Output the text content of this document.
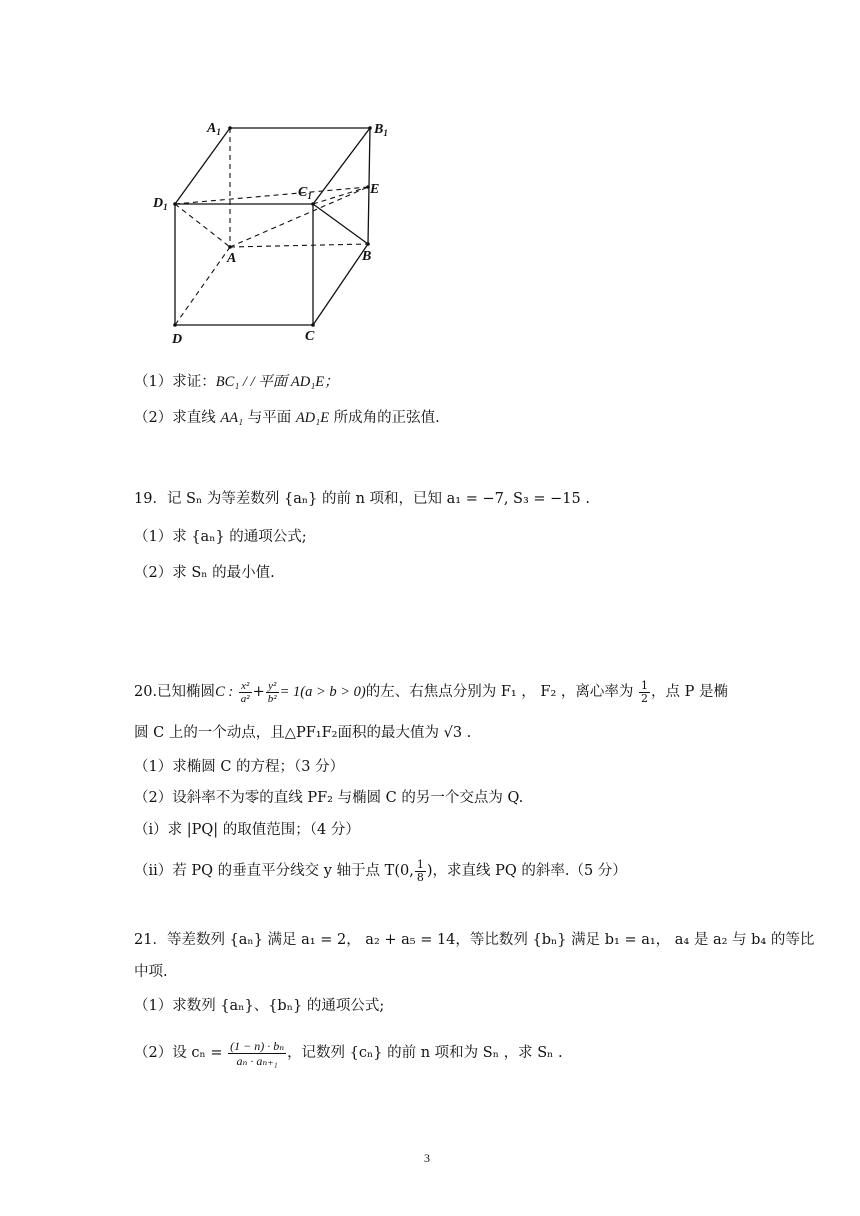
$A_1$	$B_1$
$D_1$
$C_1$	E
A	B
D	C
（1）求证：BC₁ / / 平面 AD₁E；
（2）求直线 AA₁ 与平面 AD₁E 所成角的正弦值.
19．记 Sₙ 为等差数列 {aₙ} 的前 n 项和，已知 a₁ = −7, S₃ = −15 .
（1）求 {aₙ} 的通项公式;
（2）求 Sₙ 的最小值.
20.已知椭圆C : $\frac{\text{x²}}{\text{a²}} + \frac{\text{y²}}{\text{b²}} = 1(a > b > 0)$的左、右焦点分别为 F₁ ， F₂ ，离心率为 $\frac{1}{2}$ ，点 P 是椭
圆 C 上的一个动点，且△PF₁F₂面积的最大值为 √3 .
（1）求椭圆 C 的方程；（3 分）
（2）设斜率不为零的直线 PF₂ 与椭圆 C 的另一个交点为 Q.
（i）求 |PQ| 的取值范围；（4 分）
（ii）若 PQ 的垂直平分线交 y 轴于点 T(0, $\frac{1}{8}$ )，求直线 PQ 的斜率.（5 分）
21．等差数列 {aₙ} 满足 a₁ = 2， a₂ + a₅ = 14，等比数列 {bₙ} 满足 b₁ = a₁， a₄ 是 a₂ 与 b₄ 的等比
中项.
（1）求数列 {aₙ}、{bₙ} 的通项公式;
（2）设 $c_n = \frac{\text{(1 − n) · bₙ}}{\text{aₙ · aₙ₊₁}}$ ，记数列 {cₙ} 的前 n 项和为 Sₙ ，求 Sₙ .
3
